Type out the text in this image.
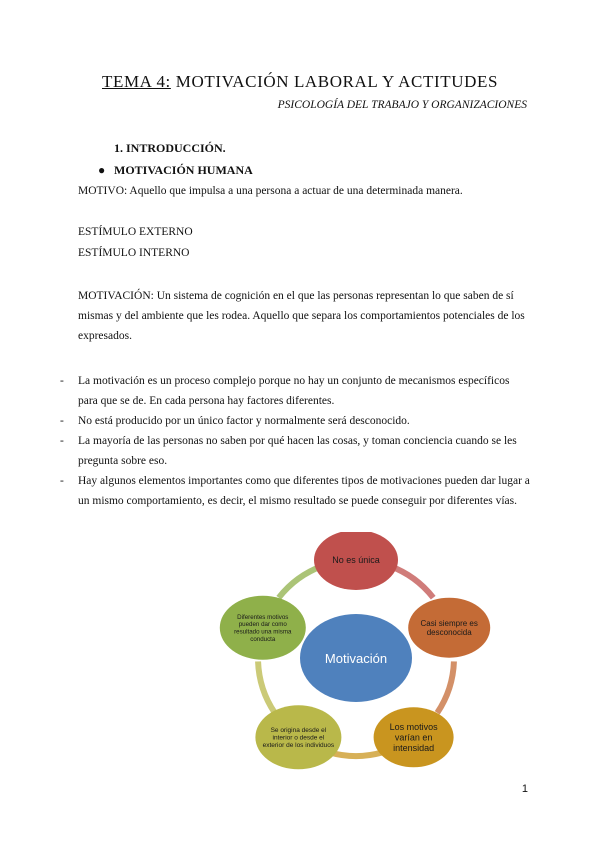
TEMA 4: MOTIVACIÓN LABORAL Y ACTITUDES
PSICOLOGÍA DEL TRABAJO Y ORGANIZACIONES
1. INTRODUCCIÓN.
● MOTIVACIÓN HUMANA
MOTIVO: Aquello que impulsa a una persona a actuar de una determinada manera.
ESTÍMULO EXTERNO
ESTÍMULO INTERNO
MOTIVACIÓN: Un sistema de cognición en el que las personas representan lo que saben de sí mismas y del ambiente que les rodea. Aquello que separa los comportamientos potenciales de los expresados.
- La motivación es un proceso complejo porque no hay un conjunto de mecanismos específicos para que se de. En cada persona hay factores diferentes.
- No está producido por un único factor y normalmente será desconocido.
- La mayoría de las personas no saben por qué hacen las cosas, y toman conciencia cuando se les pregunta sobre eso.
- Hay algunos elementos importantes como que diferentes tipos de motivaciones pueden dar lugar a un mismo comportamiento, es decir, el mismo resultado se puede conseguir por diferentes vías.
Motivación
No es única
Casi siempre es
desconocida
Los motivos
varían en
intensidad
Se origina desde el
interior o desde el
exterior de los individuos
Diferentes motivos
pueden dar como
resultado una misma
conducta
1
